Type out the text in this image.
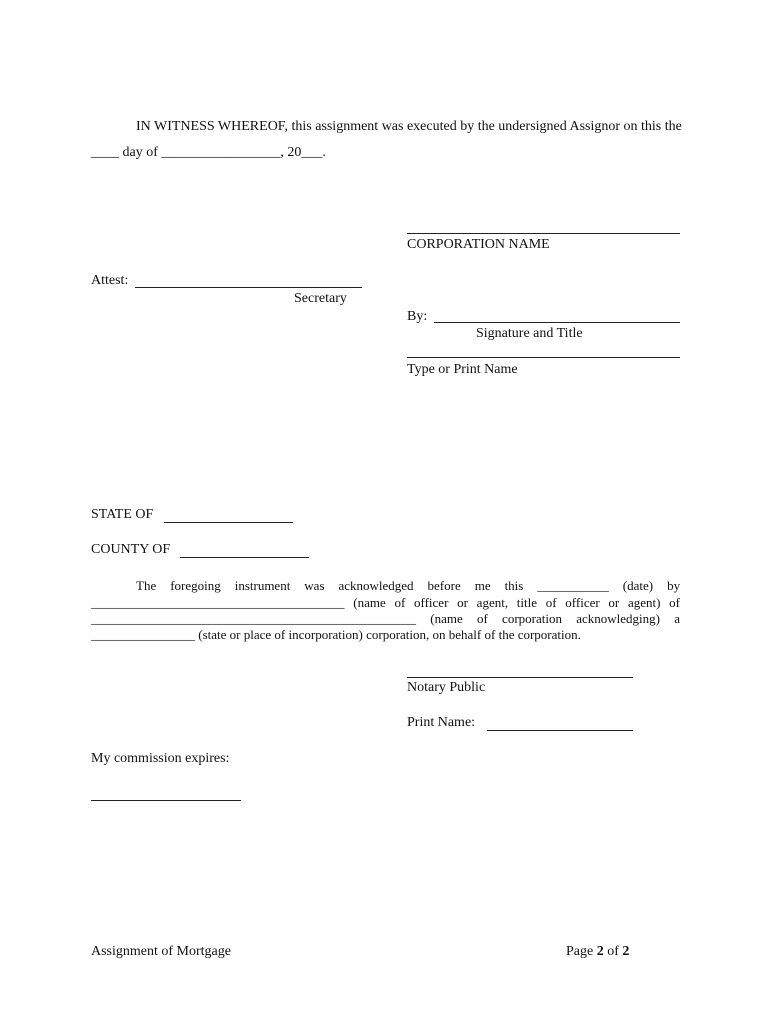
IN WITNESS WHEREOF, this assignment was executed by the undersigned Assignor on this the
____ day of _________________, 20___.
CORPORATION NAME
Attest:
Secretary
By:
Signature and Title
Type or Print Name
STATE OF
COUNTY OF
The foregoing instrument was acknowledged before me this ___________ (date) by
_______________________________________ (name of officer or agent, title of officer or agent) of
__________________________________________________ (name of corporation acknowledging) a
________________ (state or place of incorporation) corporation, on behalf of the corporation.
Notary Public
Print Name:
My commission expires:
Assignment of Mortgage	Page 2 of 2
